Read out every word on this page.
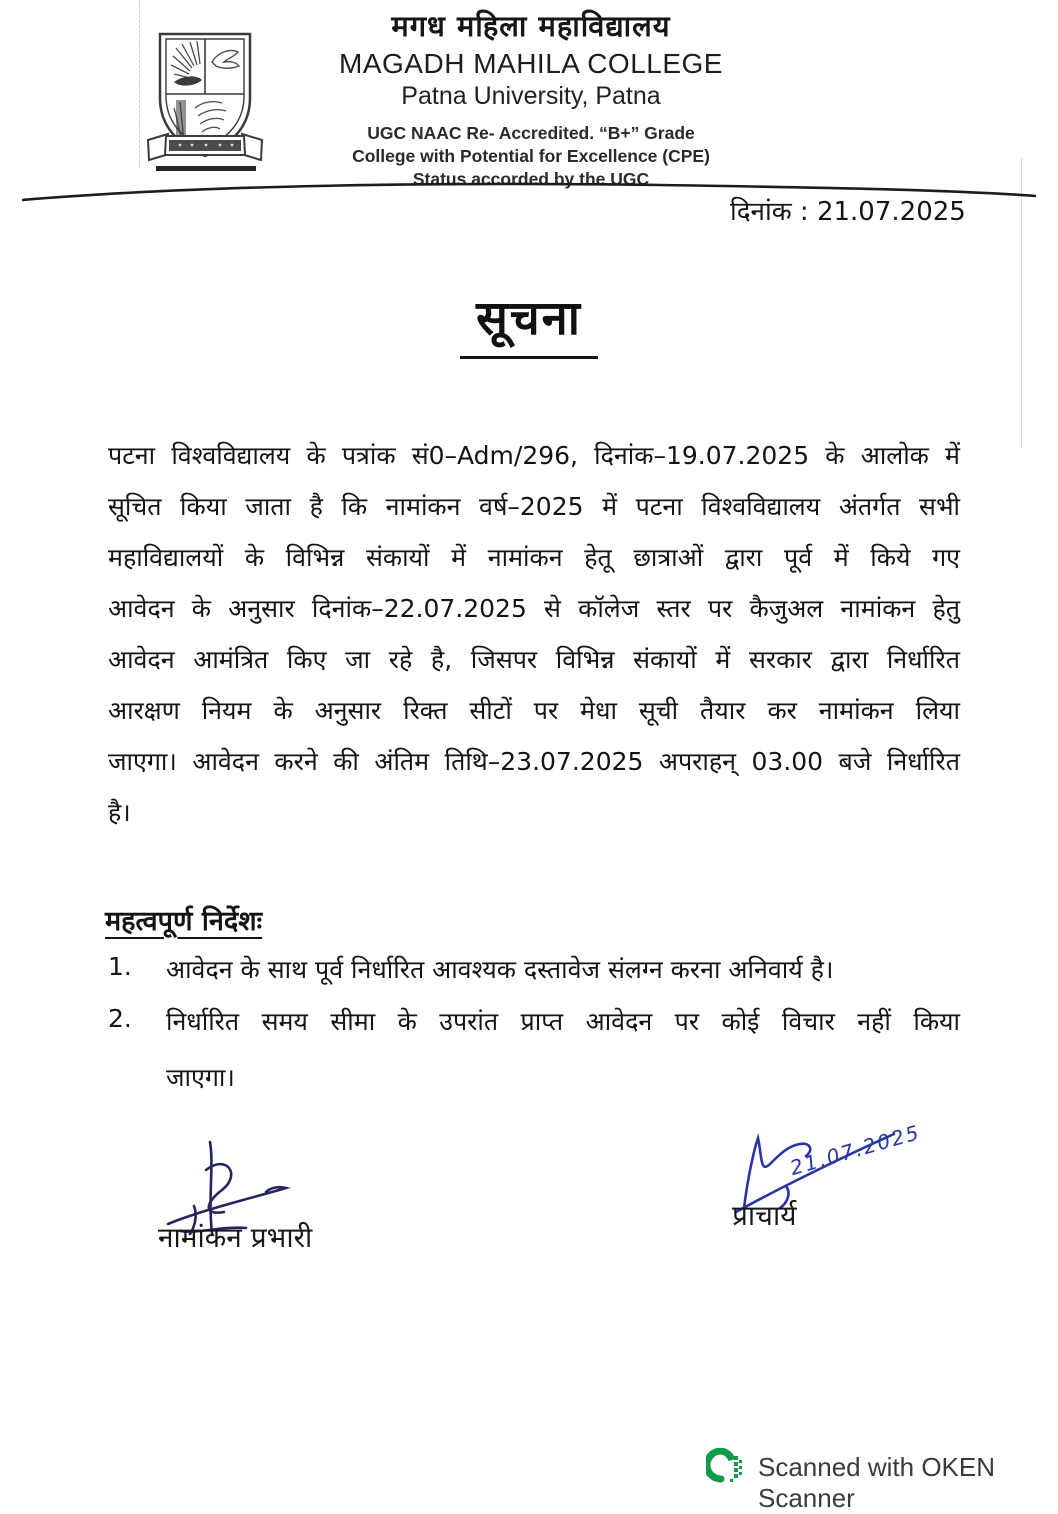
मगध महिला महाविद्यालय
MAGADH MAHILA COLLEGE
Patna University, Patna
UGC NAAC Re- Accredited. “B+” Grade
College with Potential for Excellence (CPE)
Status accorded by the UGC
दिनांक : 21.07.2025
सूचना
पटना विश्वविद्यालय के पत्रांक सं0–Adm/296, दिनांक–19.07.2025 के आलोक में
सूचित किया जाता है कि नामांकन वर्ष–2025 में पटना विश्वविद्यालय अंतर्गत सभी
महाविद्यालयों के विभिन्न संकायों में नामांकन हेतू छात्राओं द्वारा पूर्व में किये गए
आवेदन के अनुसार दिनांक–22.07.2025 से कॉलेज स्तर पर कैजुअल नामांकन हेतु
आवेदन आमंत्रित किए जा रहे है, जिसपर विभिन्न संकायों में सरकार द्वारा निर्धारित
आरक्षण नियम के अनुसार रिक्त सीटों पर मेधा सूची तैयार कर नामांकन लिया
जाएगा। आवेदन करने की अंतिम तिथि–23.07.2025 अपराहन् 03.00 बजे निर्धारित
है।
महत्वपूर्ण निर्देशः
1.	आवेदन के साथ पूर्व निर्धारित आवश्यक दस्तावेज संलग्न करना अनिवार्य है।
2.	निर्धारित समय सीमा के उपरांत प्राप्त आवेदन पर कोई विचार नहीं किया
जाएगा।
नामांकन प्रभारी
21.07.2025
प्राचार्य
Scanned with OKEN Scanner
